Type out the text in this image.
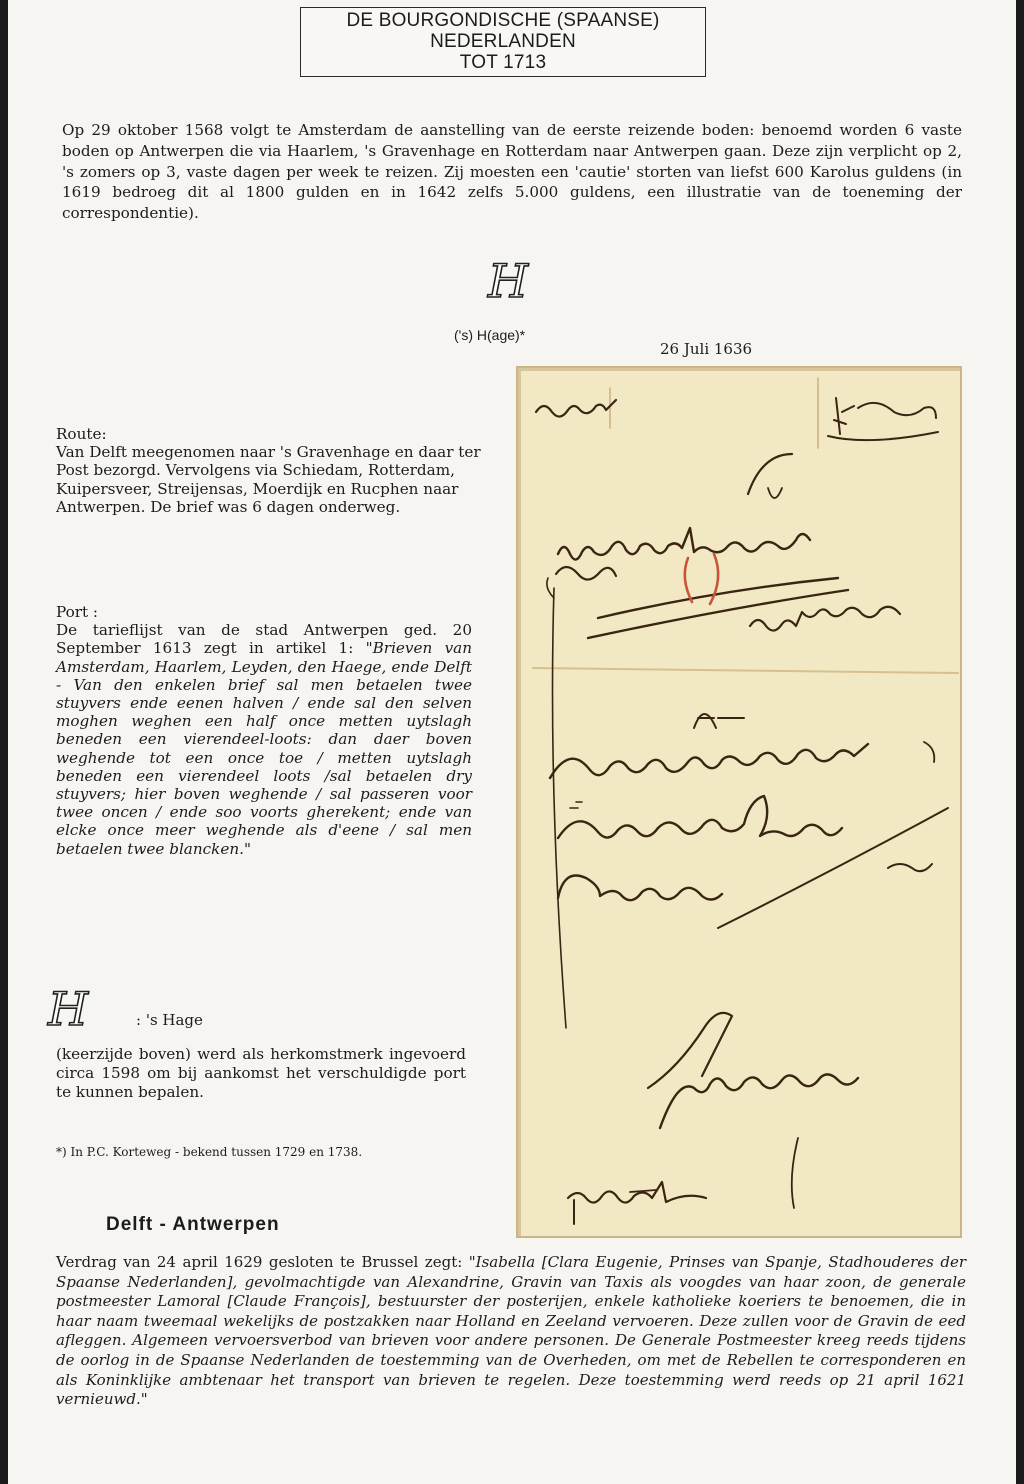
DE BOURGONDISCHE (SPAANSE)
NEDERLANDEN
TOT 1713

Op 29 oktober 1568 volgt te Amsterdam de aanstelling van de eerste reizende boden: benoemd worden 6 vaste boden op Antwerpen die via Haarlem, 's Gravenhage en Rotterdam naar Antwerpen gaan. Deze zijn verplicht op 2, 's zomers op 3, vaste dagen per week te reizen. Zij moesten een 'cautie' storten van liefst 600 Karolus guldens (in 1619 bedroeg dit al 1800 gulden en in 1642 zelfs 5.000 guldens, een illustratie van de toeneming der correspondentie).

H
('s) H(age)*
26 Juli 1636
Route:
Van Delft meegenomen naar 's Gravenhage en daar ter Post bezorgd. Vervolgens via Schiedam, Rotterdam, Kuipersveer, Streijensas, Moerdijk en Rucphen naar Antwerpen. De brief was 6 dagen onderweg.
Port :
De tarieflijst van de stad Antwerpen ged. 20 September 1613 zegt in artikel 1: "Brieven van Amsterdam, Haarlem, Leyden, den Haege, ende Delft - Van den enkelen brief sal men betaelen twee stuyvers ende eenen halven / ende sal den selven moghen weghen een half once metten uytslagh beneden een vierendeel-loots: dan daer boven weghende tot een once toe / metten uytslagh beneden een vierendeel loots /sal betaelen dry stuyvers; hier boven weghende / sal passeren voor twee oncen / ende soo voorts gherekent; ende van elcke once meer weghende als d'eene / sal men betaelen twee blancken."
H	: 's Hage
(keerzijde boven) werd als herkomstmerk ingevoerd circa 1598 om bij aankomst het verschuldigde port te kunnen bepalen.
*) In P.C. Korteweg - bekend tussen 1729 en 1738.
Delft - Antwerpen

Verdrag van 24 april 1629 gesloten te Brussel zegt: "Isabella [Clara Eugenie, Prinses van Spanje, Stadhouderes der Spaanse Nederlanden], gevolmachtigde van Alexandrine, Gravin van Taxis als voogdes van haar zoon, de generale postmeester Lamoral [Claude François], bestuurster der posterijen, enkele katholieke koeriers te benoemen, die in haar naam tweemaal wekelijks de postzakken naar Holland en Zeeland vervoeren. Deze zullen voor de Gravin de eed afleggen. Algemeen vervoersverbod van brieven voor andere personen. De Generale Postmeester kreeg reeds tijdens de oorlog in de Spaanse Nederlanden de toestemming van de Overheden, om met de Rebellen te corresponderen en als Koninklijke ambtenaar het transport van brieven te regelen. Deze toestemming werd reeds op 21 april 1621 vernieuwd."
